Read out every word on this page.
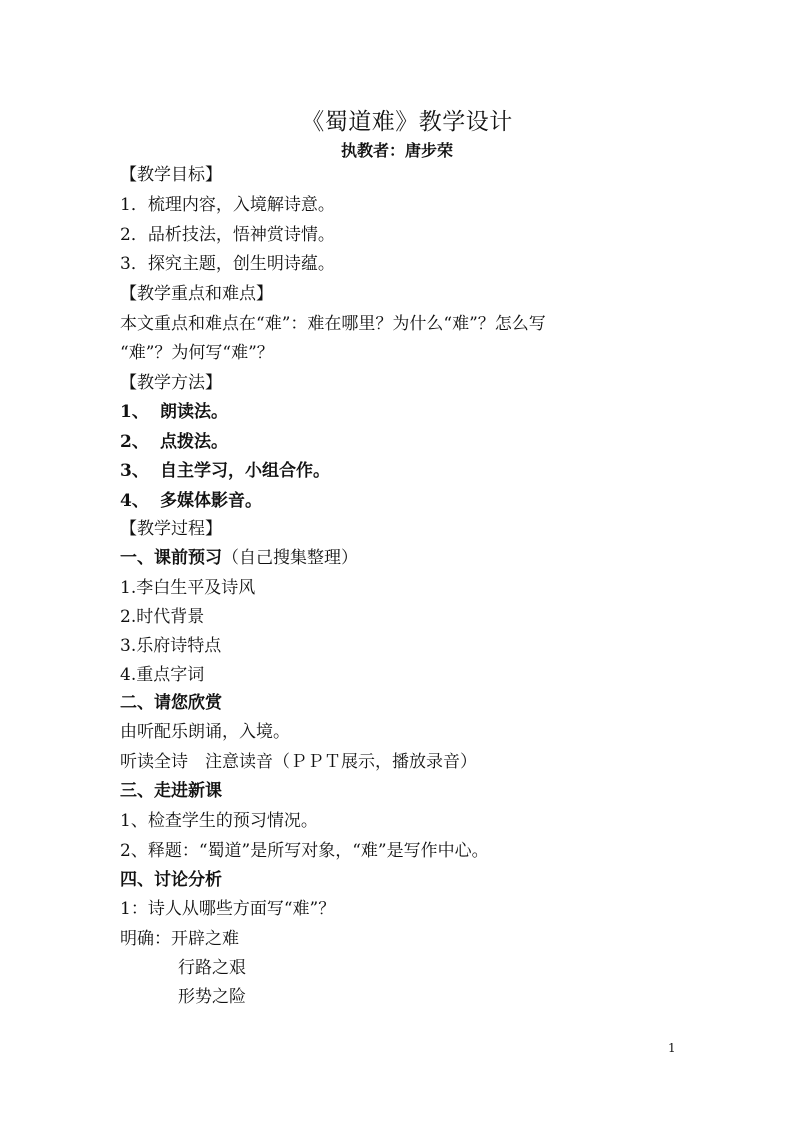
《蜀道难》教学设计
执教者：唐步荣
【教学目标】
1．梳理内容，入境解诗意。
2．品析技法，悟神赏诗情。
3．探究主题，创生明诗蕴。
【教学重点和难点】
本文重点和难点在“难”：难在哪里？为什么“难”？怎么写
“难”？为何写“难”？
【教学方法】
1、 朗读法。
2、 点拨法。
3、 自主学习，小组合作。
4、 多媒体影音。
【教学过程】
一、课前预习（自己搜集整理）
1.李白生平及诗风
2.时代背景
3.乐府诗特点
4.重点字词
二、请您欣赏
由听配乐朗诵，入境。
听读全诗　注意读音（ＰＰＴ展示，播放录音）
三、走进新课
1、检查学生的预习情况。
2、释题：“蜀道”是所写对象，“难”是写作中心。
四、讨论分析
1：诗人从哪些方面写“难”？
明确：开辟之难
行路之艰
形势之险
1
